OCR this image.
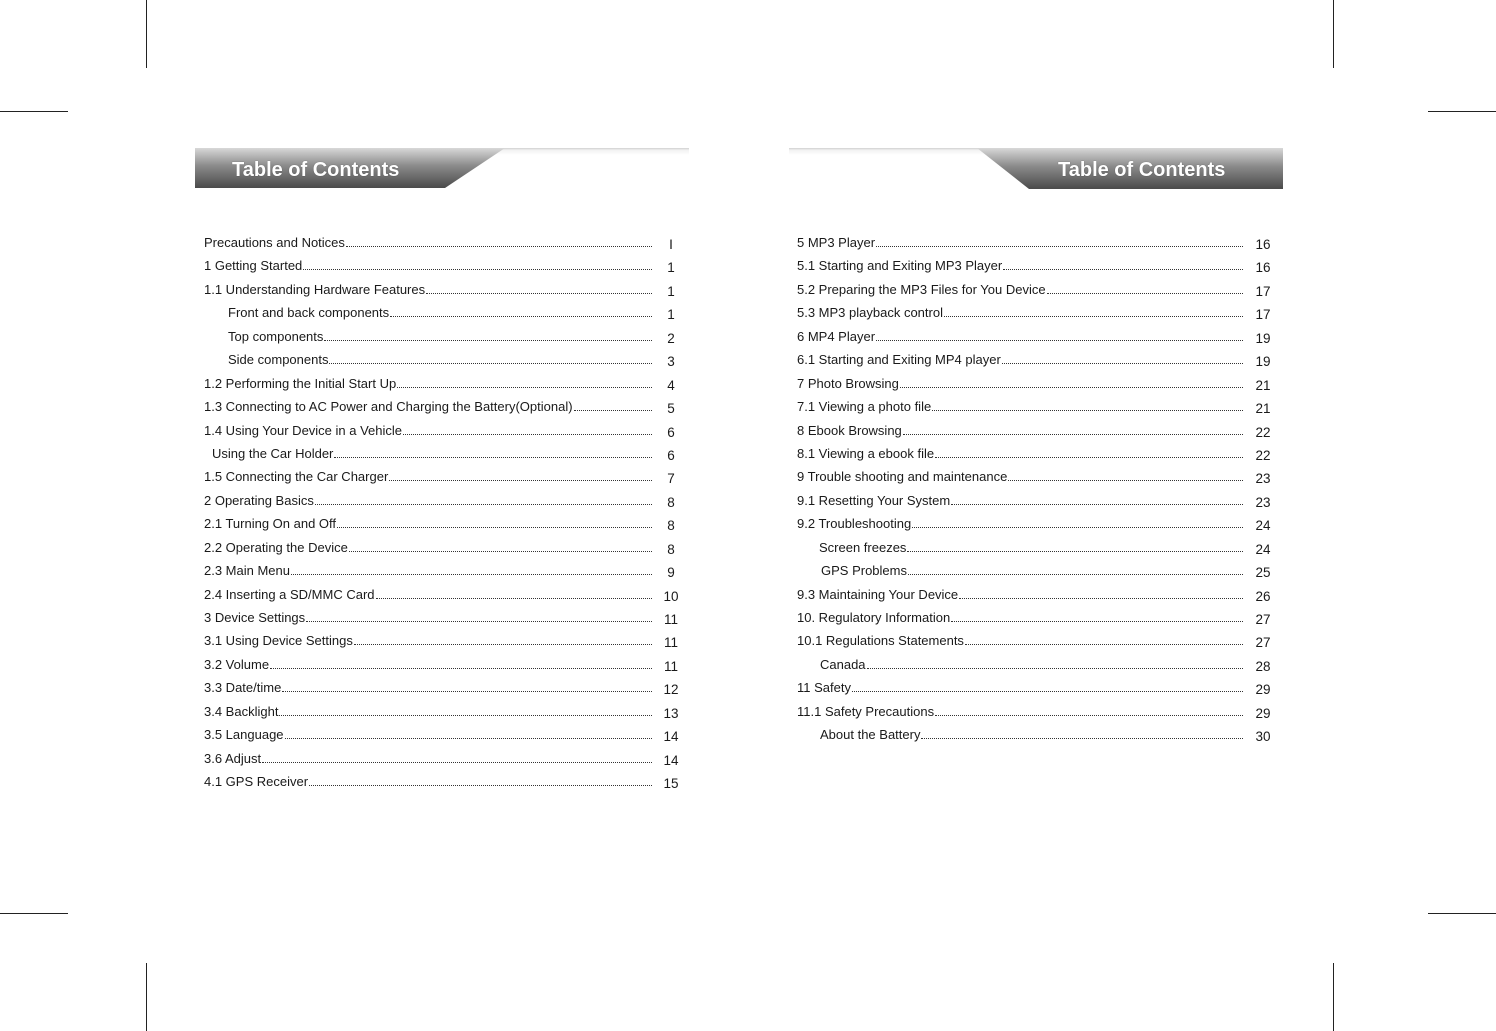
Table of Contents	Table of Contents
Precautions and Notices	I
1 Getting Started	1
1.1 Understanding Hardware Features	1
Front and back components	1
Top components	2
Side components	3
1.2 Performing the Initial Start Up	4
1.3 Connecting to AC Power and Charging the Battery(Optional)	5
1.4 Using Your Device in a Vehicle	6
Using the Car Holder	6
1.5 Connecting the Car Charger	7
2 Operating Basics	8
2.1 Turning On and Off	8
2.2 Operating the Device	8
2.3 Main Menu	9
2.4 Inserting a SD/MMC Card	10
3 Device Settings	11
3.1 Using Device Settings	11
3.2 Volume	11
3.3 Date/time	12
3.4 Backlight	13
3.5 Language	14
3.6 Adjust	14
4.1 GPS Receiver	15
5 MP3 Player	16
5.1 Starting and Exiting MP3 Player	16
5.2 Preparing the MP3 Files for You Device	17
5.3 MP3 playback control	17
6 MP4 Player	19
6.1 Starting and Exiting MP4 player	19
7 Photo Browsing	21
7.1 Viewing a photo file	21
8 Ebook Browsing	22
8.1 Viewing a ebook file	22
9 Trouble shooting and maintenance	23
9.1 Resetting Your System	23
9.2 Troubleshooting	24
Screen freezes	24
GPS Problems	25
9.3 Maintaining Your Device	26
10. Regulatory Information	27
10.1 Regulations Statements	27
Canada	28
11 Safety	29
11.1 Safety Precautions	29
About the Battery	30
